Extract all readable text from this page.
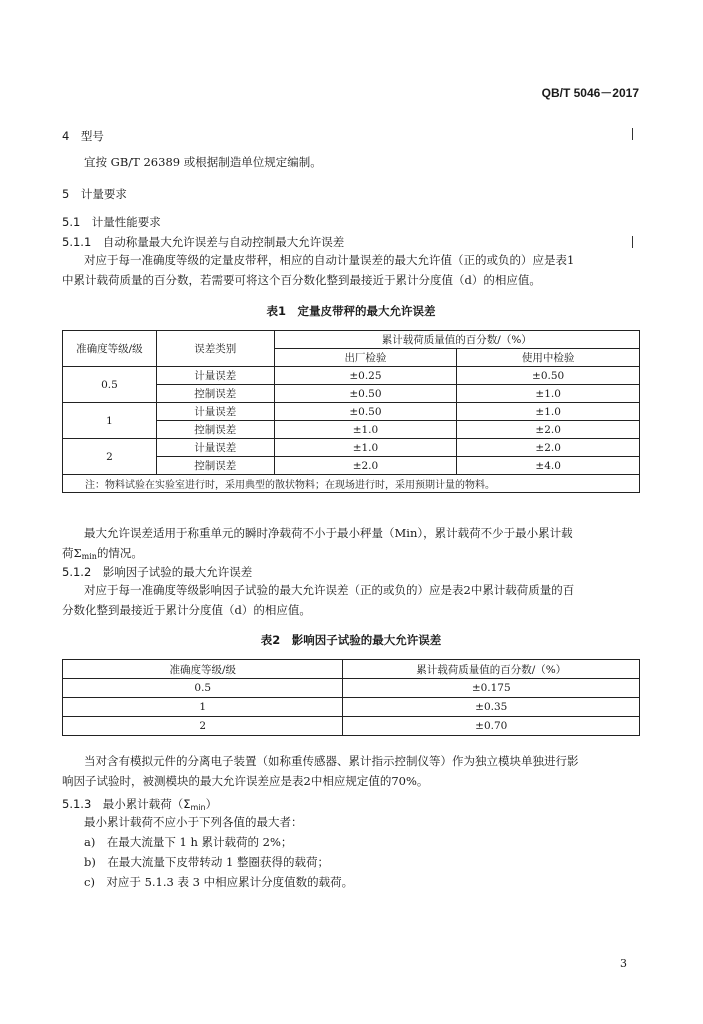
QB/T 5046－2017
4　型号
宜按 GB/T 26389 或根据制造单位规定编制。
5　计量要求
5.1　计量性能要求
5.1.1　自动称量最大允许误差与自动控制最大允许误差
对应于每一准确度等级的定量皮带秤，相应的自动计量误差的最大允许值（正的或负的）应是表1
中累计载荷质量的百分数，若需要可将这个百分数化整到最接近于累计分度值（d）的相应值。
表1　定量皮带秤的最大允许误差
准确度等级/级	误差类别	累计载荷质量值的百分数/（%）	
		出厂检验	使用中检验
0.5	计量误差	±0.25	±0.50
	控制误差	±0.50	±1.0
1	计量误差	±0.50	±1.0
	控制误差	±1.0	±2.0
2	计量误差	±1.0	±2.0
	控制误差	±2.0	±4.0
注：物料试验在实验室进行时，采用典型的散状物料；在现场进行时，采用预期计量的物料。			
最大允许误差适用于称重单元的瞬时净载荷不小于最小秤量（Min），累计载荷不少于最小累计载
荷$\Sigma_{min}$的情况。
5.1.2　影响因子试验的最大允许误差
对应于每一准确度等级影响因子试验的最大允许误差（正的或负的）应是表2中累计载荷质量的百
分数化整到最接近于累计分度值（d）的相应值。
表2　影响因子试验的最大允许误差
准确度等级/级	累计载荷质量值的百分数/（%）
0.5	±0.175
1	±0.35
2	±0.70
当对含有模拟元件的分离电子装置（如称重传感器、累计指示控制仪等）作为独立模块单独进行影
响因子试验时，被测模块的最大允许误差应是表2中相应规定值的70%。
5.1.3　最小累计载荷$(\Sigma_{min})$
最小累计载荷不应小于下列各值的最大者：
a)　在最大流量下 1 h 累计载荷的 2%；
b)　在最大流量下皮带转动 1 整圈获得的载荷；
c)　对应于 5.1.3 表 3 中相应累计分度值数的载荷。
3
